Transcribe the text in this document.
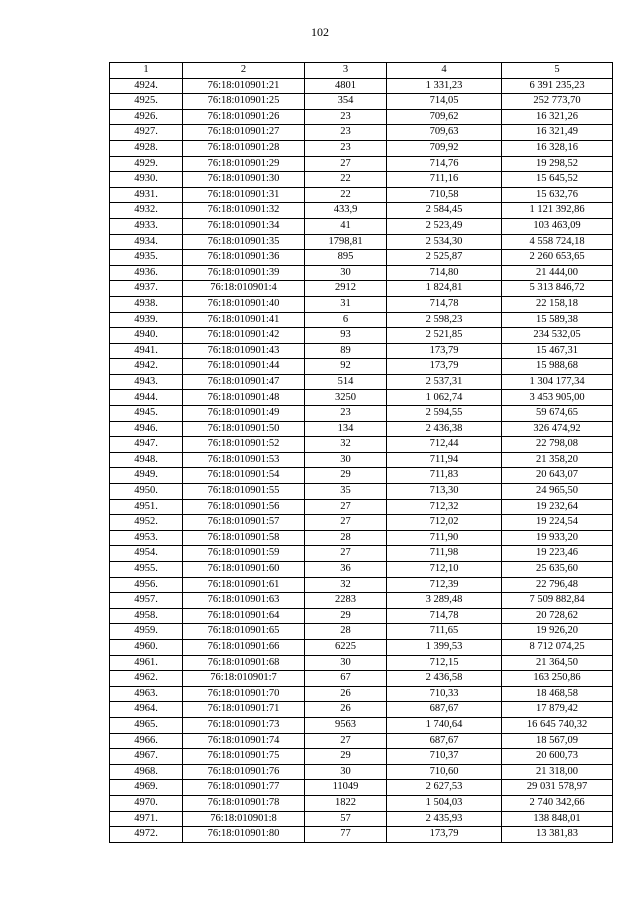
102
1	2	3	4	5
4924.	76:18:010901:21	4801	1 331,23	6 391 235,23
4925.	76:18:010901:25	354	714,05	252 773,70
4926.	76:18:010901:26	23	709,62	16 321,26
4927.	76:18:010901:27	23	709,63	16 321,49
4928.	76:18:010901:28	23	709,92	16 328,16
4929.	76:18:010901:29	27	714,76	19 298,52
4930.	76:18:010901:30	22	711,16	15 645,52
4931.	76:18:010901:31	22	710,58	15 632,76
4932.	76:18:010901:32	433,9	2 584,45	1 121 392,86
4933.	76:18:010901:34	41	2 523,49	103 463,09
4934.	76:18:010901:35	1798,81	2 534,30	4 558 724,18
4935.	76:18:010901:36	895	2 525,87	2 260 653,65
4936.	76:18:010901:39	30	714,80	21 444,00
4937.	76:18:010901:4	2912	1 824,81	5 313 846,72
4938.	76:18:010901:40	31	714,78	22 158,18
4939.	76:18:010901:41	6	2 598,23	15 589,38
4940.	76:18:010901:42	93	2 521,85	234 532,05
4941.	76:18:010901:43	89	173,79	15 467,31
4942.	76:18:010901:44	92	173,79	15 988,68
4943.	76:18:010901:47	514	2 537,31	1 304 177,34
4944.	76:18:010901:48	3250	1 062,74	3 453 905,00
4945.	76:18:010901:49	23	2 594,55	59 674,65
4946.	76:18:010901:50	134	2 436,38	326 474,92
4947.	76:18:010901:52	32	712,44	22 798,08
4948.	76:18:010901:53	30	711,94	21 358,20
4949.	76:18:010901:54	29	711,83	20 643,07
4950.	76:18:010901:55	35	713,30	24 965,50
4951.	76:18:010901:56	27	712,32	19 232,64
4952.	76:18:010901:57	27	712,02	19 224,54
4953.	76:18:010901:58	28	711,90	19 933,20
4954.	76:18:010901:59	27	711,98	19 223,46
4955.	76:18:010901:60	36	712,10	25 635,60
4956.	76:18:010901:61	32	712,39	22 796,48
4957.	76:18:010901:63	2283	3 289,48	7 509 882,84
4958.	76:18:010901:64	29	714,78	20 728,62
4959.	76:18:010901:65	28	711,65	19 926,20
4960.	76:18:010901:66	6225	1 399,53	8 712 074,25
4961.	76:18:010901:68	30	712,15	21 364,50
4962.	76:18:010901:7	67	2 436,58	163 250,86
4963.	76:18:010901:70	26	710,33	18 468,58
4964.	76:18:010901:71	26	687,67	17 879,42
4965.	76:18:010901:73	9563	1 740,64	16 645 740,32
4966.	76:18:010901:74	27	687,67	18 567,09
4967.	76:18:010901:75	29	710,37	20 600,73
4968.	76:18:010901:76	30	710,60	21 318,00
4969.	76:18:010901:77	11049	2 627,53	29 031 578,97
4970.	76:18:010901:78	1822	1 504,03	2 740 342,66
4971.	76:18:010901:8	57	2 435,93	138 848,01
4972.	76:18:010901:80	77	173,79	13 381,83
